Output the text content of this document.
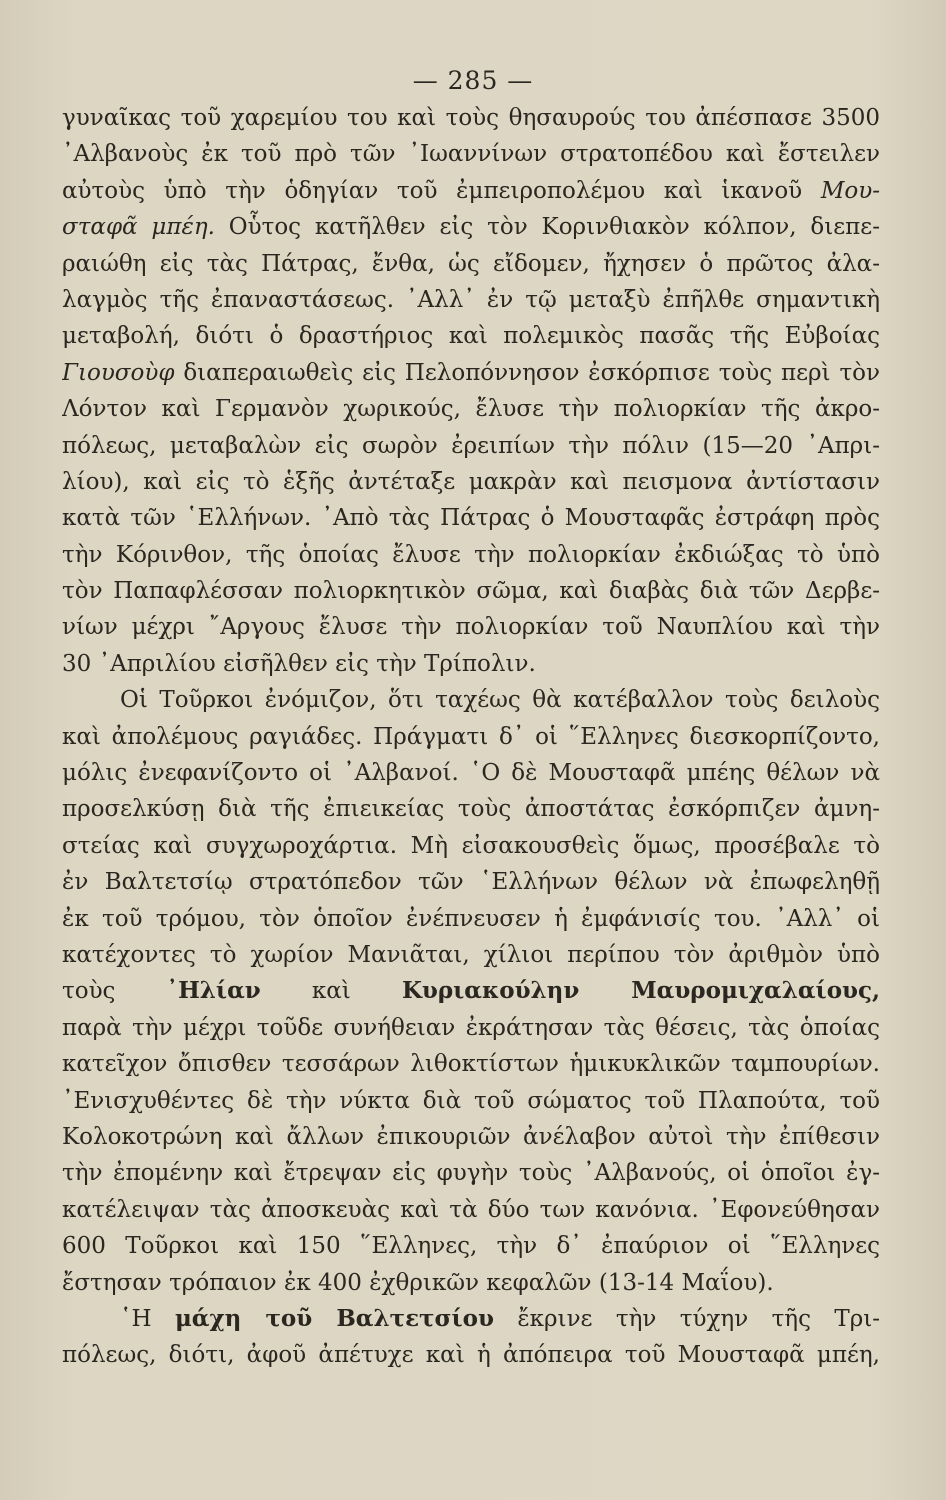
— 285 —
γυναῖκας τοῦ χαρεμίου του καὶ τοὺς θησαυρούς του ἀπέσπασε 3500
᾿Αλβανοὺς ἐκ τοῦ πρὸ τῶν ᾿Ιωαννίνων στρατοπέδου καὶ ἔστειλεν
αὐτοὺς ὑπὸ τὴν ὁδηγίαν τοῦ ἐμπειροπολέμου καὶ ἱκανοῦ Μου-
σταφᾶ μπέη. Οὗτος κατῆλθεν εἰς τὸν Κορινθιακὸν κόλπον, διεπε-
ραιώθη εἰς τὰς Πάτρας, ἔνθα, ὡς εἴδομεν, ἤχησεν ὁ πρῶτος ἀλα-
λαγμὸς τῆς ἐπαναστάσεως. ᾿Αλλ᾿ ἐν τῷ μεταξὺ ἐπῆλθε σημαντικὴ
μεταβολή, διότι ὁ δραστήριος καὶ πολεμικὸς πασᾶς τῆς Εὐβοίας
Γιουσοὺφ διαπεραιωθεὶς εἰς Πελοπόννησον ἐσκόρπισε τοὺς περὶ τὸν
Λόντον καὶ Γερμανὸν χωρικούς, ἔλυσε τὴν πολιορκίαν τῆς ἀκρο-
πόλεως, μεταβαλὼν εἰς σωρὸν ἐρειπίων τὴν πόλιν (15—20 ᾿Απρι-
λίου), καὶ εἰς τὸ ἑξῆς ἀντέταξε μακρὰν καὶ πεισμονα ἀντίστασιν
κατὰ τῶν ῾Ελλήνων. ᾿Απὸ τὰς Πάτρας ὁ Μουσταφᾶς ἐστράφη πρὸς
τὴν Κόρινθον, τῆς ὁποίας ἔλυσε τὴν πολιορκίαν ἐκδιώξας τὸ ὑπὸ
τὸν Παπαφλέσσαν πολιορκητικὸν σῶμα, καὶ διαβὰς διὰ τῶν Δερβε-
νίων μέχρι ῎Αργους ἔλυσε τὴν πολιορκίαν τοῦ Ναυπλίου καὶ τὴν
30 ᾿Απριλίου εἰσῆλθεν εἰς τὴν Τρίπολιν.
Οἱ Τοῦρκοι ἐνόμιζον, ὅτι ταχέως θὰ κατέβαλλον τοὺς δειλοὺς
καὶ ἀπολέμους ραγιάδες. Πράγματι δ᾿ οἱ ῞Ελληνες διεσκορπίζοντο,
μόλις ἐνεφανίζοντο οἱ ᾿Αλβανοί. ῾Ο δὲ Μουσταφᾶ μπέης θέλων νὰ
προσελκύσῃ διὰ τῆς ἐπιεικείας τοὺς ἀποστάτας ἐσκόρπιζεν ἀμνη-
στείας καὶ συγχωροχάρτια. Μὴ εἰσακουσθεὶς ὅμως, προσέβαλε τὸ
ἐν Βαλτετσίῳ στρατόπεδον τῶν ῾Ελλήνων θέλων νὰ ἐπωφεληθῇ
ἐκ τοῦ τρόμου, τὸν ὁποῖον ἐνέπνευσεν ἡ ἐμφάνισίς του. ᾿Αλλ᾿ οἱ
κατέχοντες τὸ χωρίον Μανιᾶται, χίλιοι περίπου τὸν ἀριθμὸν ὑπὸ
τοὺς ᾿Ηλίαν καὶ Κυριακούλην Μαυρομιχαλαίους,
παρὰ τὴν μέχρι τοῦδε συνήθειαν ἐκράτησαν τὰς θέσεις, τὰς ὁποίας
κατεῖχον ὄπισθεν τεσσάρων λιθοκτίστων ἡμικυκλικῶν ταμπουρίων.
᾿Ενισχυθέντες δὲ τὴν νύκτα διὰ τοῦ σώματος τοῦ Πλαπούτα, τοῦ
Κολοκοτρώνη καὶ ἄλλων ἐπικουριῶν ἀνέλαβον αὐτοὶ τὴν ἐπίθεσιν
τὴν ἐπομένην καὶ ἔτρεψαν εἰς φυγὴν τοὺς ᾿Αλβανούς, οἱ ὁποῖοι ἐγ-
κατέλειψαν τὰς ἀποσκευὰς καὶ τὰ δύο των κανόνια. ᾿Εφονεύθησαν
600 Τοῦρκοι καὶ 150 ῞Ελληνες, τὴν δ᾿ ἐπαύριον οἱ ῞Ελληνες
ἔστησαν τρόπαιον ἐκ 400 ἐχθρικῶν κεφαλῶν (13-14 Μαΐου).
῾Η μάχη τοῦ Βαλτετσίου ἔκρινε τὴν τύχην τῆς Τρι-
πόλεως, διότι, ἀφοῦ ἀπέτυχε καὶ ἡ ἀπόπειρα τοῦ Μουσταφᾶ μπέη,
